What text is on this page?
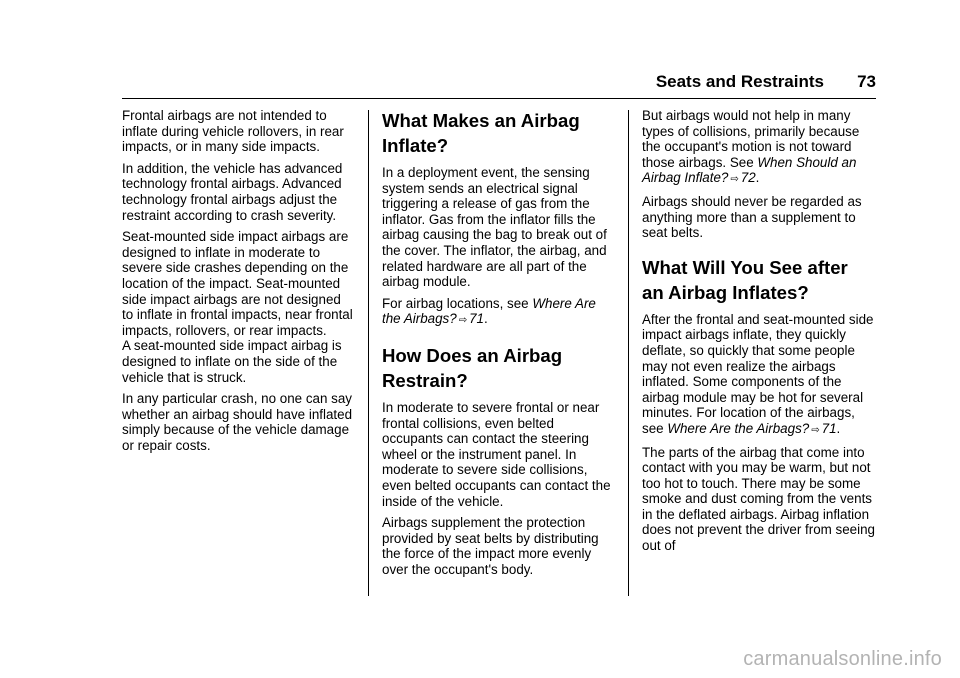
Seats and Restraints 73

Frontal airbags are not intended to inflate during vehicle rollovers, in rear impacts, or in many side impacts.

In addition, the vehicle has advanced technology frontal airbags. Advanced technology frontal airbags adjust the restraint according to crash severity.

Seat-mounted side impact airbags are designed to inflate in moderate to severe side crashes depending on the location of the impact. Seat-mounted side impact airbags are not designed to inflate in frontal impacts, near frontal impacts, rollovers, or rear impacts.
A seat-mounted side impact airbag is designed to inflate on the side of the vehicle that is struck.

In any particular crash, no one can say whether an airbag should have inflated simply because of the vehicle damage or repair costs.

What Makes an Airbag
Inflate?

In a deployment event, the sensing system sends an electrical signal triggering a release of gas from the inflator. Gas from the inflator fills the airbag causing the bag to break out of the cover. The inflator, the airbag, and related hardware are all part of the airbag module.

For airbag locations, see Where Are the Airbags? ⇨ 71.

How Does an Airbag
Restrain?

In moderate to severe frontal or near frontal collisions, even belted occupants can contact the steering wheel or the instrument panel. In moderate to severe side collisions, even belted occupants can contact the inside of the vehicle.

Airbags supplement the protection provided by seat belts by distributing the force of the impact more evenly over the occupant's body.

But airbags would not help in many types of collisions, primarily because the occupant's motion is not toward those airbags. See When Should an Airbag Inflate? ⇨ 72.

Airbags should never be regarded as anything more than a supplement to seat belts.

What Will You See after
an Airbag Inflates?

After the frontal and seat-mounted side impact airbags inflate, they quickly deflate, so quickly that some people may not even realize the airbags inflated. Some components of the airbag module may be hot for several minutes. For location of the airbags, see Where Are the Airbags? ⇨ 71.

The parts of the airbag that come into contact with you may be warm, but not too hot to touch. There may be some smoke and dust coming from the vents in the deflated airbags. Airbag inflation does not prevent the driver from seeing out of

carmanualsonline.info
